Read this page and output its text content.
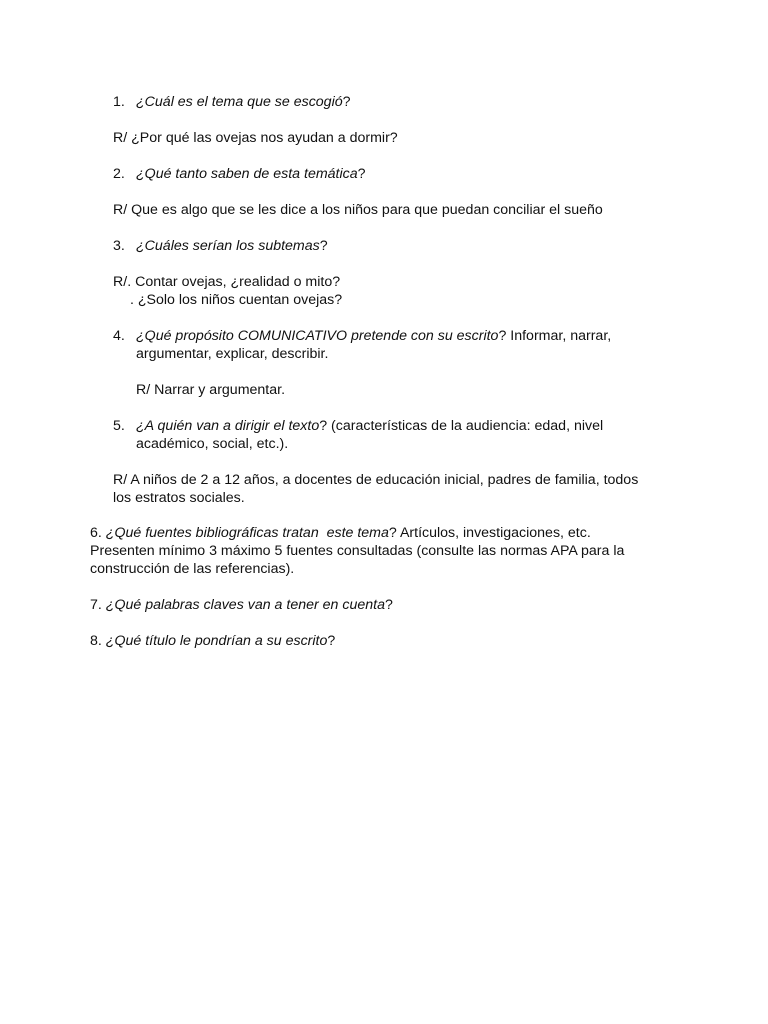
1. ¿Cuál es el tema que se escogió?

R/ ¿Por qué las ovejas nos ayudan a dormir?

2. ¿Qué tanto saben de esta temática?

R/ Que es algo que se les dice a los niños para que puedan conciliar el sueño

3. ¿Cuáles serían los subtemas?

R/. Contar ovejas, ¿realidad o mito?

. ¿Solo los niños cuentan ovejas?

4. ¿Qué propósito COMUNICATIVO pretende con su escrito? Informar, narrar,

argumentar, explicar, describir.

R/ Narrar y argumentar.

5. ¿A quién van a dirigir el texto? (características de la audiencia: edad, nivel

académico, social, etc.).

R/ A niños de 2 a 12 años, a docentes de educación inicial, padres de familia, todos

los estratos sociales.

6. ¿Qué fuentes bibliográficas tratan  este tema? Artículos, investigaciones, etc.

Presenten mínimo 3 máximo 5 fuentes consultadas (consulte las normas APA para la

construcción de las referencias).

7. ¿Qué palabras claves van a tener en cuenta?
8. ¿Qué título le pondrían a su escrito?
